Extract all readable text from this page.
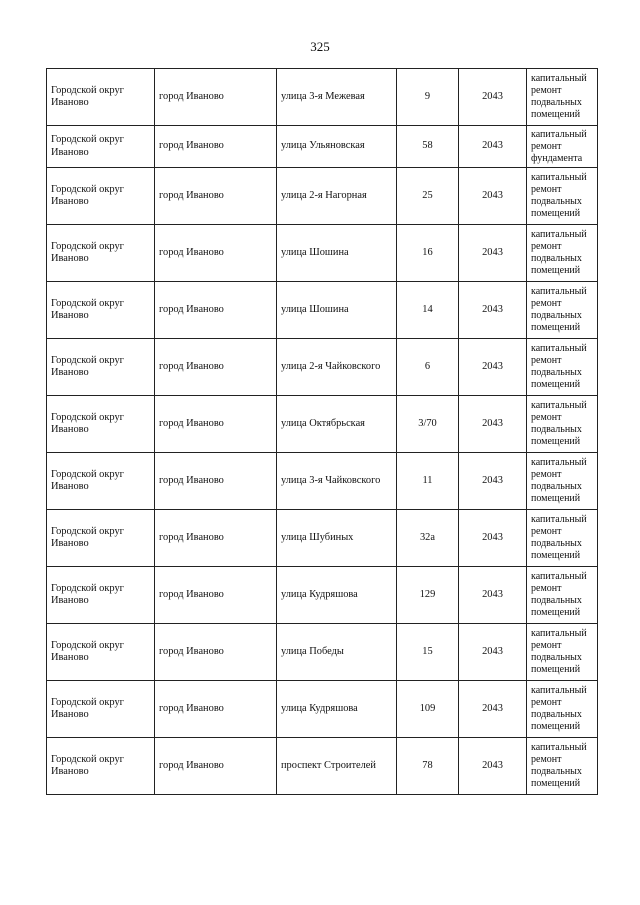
325
Городской округ Иваново	город Иваново	улица 3-я Межевая	9	2043	капитальный ремонт подвальных помещений
Городской округ Иваново	город Иваново	улица Ульяновская	58	2043	капитальный ремонт фундамента
Городской округ Иваново	город Иваново	улица 2-я Нагорная	25	2043	капитальный ремонт подвальных помещений
Городской округ Иваново	город Иваново	улица Шошина	16	2043	капитальный ремонт подвальных помещений
Городской округ Иваново	город Иваново	улица Шошина	14	2043	капитальный ремонт подвальных помещений
Городской округ Иваново	город Иваново	улица 2-я Чайковского	6	2043	капитальный ремонт подвальных помещений
Городской округ Иваново	город Иваново	улица Октябрьская	3/70	2043	капитальный ремонт подвальных помещений
Городской округ Иваново	город Иваново	улица 3-я Чайковского	11	2043	капитальный ремонт подвальных помещений
Городской округ Иваново	город Иваново	улица Шубиных	32а	2043	капитальный ремонт подвальных помещений
Городской округ Иваново	город Иваново	улица Кудряшова	129	2043	капитальный ремонт подвальных помещений
Городской округ Иваново	город Иваново	улица Победы	15	2043	капитальный ремонт подвальных помещений
Городской округ Иваново	город Иваново	улица Кудряшова	109	2043	капитальный ремонт подвальных помещений
Городской округ Иваново	город Иваново	проспект Строителей	78	2043	капитальный ремонт подвальных помещений
